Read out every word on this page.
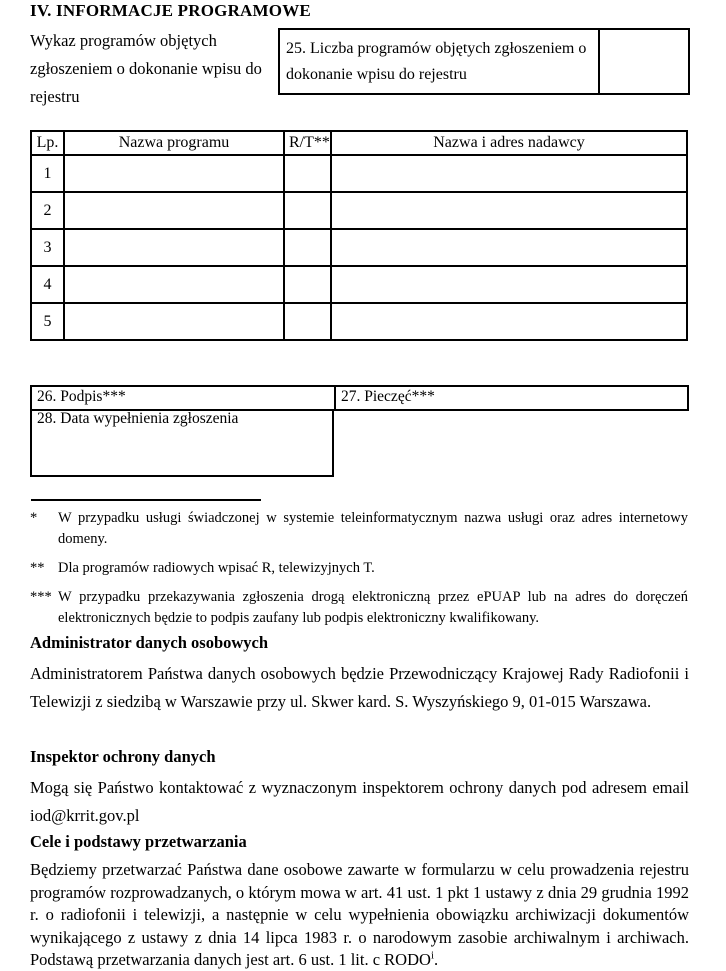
IV. INFORMACJE PROGRAMOWE
Wykaz programów objętych zgłoszeniem o dokonanie wpisu do rejestru
25. Liczba programów objętych zgłoszeniem o dokonanie wpisu do rejestru
Lp.	Nazwa programu	R/T**	Nazwa i adres nadawcy
1			
2			
3			
4			
5			
26. Podpis***	27. Pieczęć***
28. Data wypełnienia zgłoszenia
*	W przypadku usługi świadczonej w systemie teleinformatycznym nazwa usługi oraz adres internetowy domeny.
** Dla programów radiowych wpisać R, telewizyjnych T.
*** W przypadku przekazywania zgłoszenia drogą elektroniczną przez ePUAP lub na adres do doręczeń elektronicznych będzie to podpis zaufany lub podpis elektroniczny kwalifikowany.
Administrator danych osobowych

Administratorem Państwa danych osobowych będzie Przewodniczący Krajowej Rady Radiofonii i Telewizji z siedzibą w Warszawie przy ul. Skwer kard. S. Wyszyńskiego 9, 01-015 Warszawa.

Inspektor ochrony danych

Mogą się Państwo kontaktować z wyznaczonym inspektorem ochrony danych pod adresem email iod@krrit.gov.pl

Cele i podstawy przetwarzania

Będziemy przetwarzać Państwa dane osobowe zawarte w formularzu w celu prowadzenia rejestru programów rozprowadzanych, o którym mowa w art. 41 ust. 1 pkt 1 ustawy z dnia 29 grudnia 1992 r. o radiofonii i telewizji, a następnie w celu wypełnienia obowiązku archiwizacji dokumentów wynikającego z ustawy z dnia 14 lipca 1983 r. o narodowym zasobie archiwalnym i archiwach. Podstawą przetwarzania danych jest art. 6 ust. 1 lit. c RODO$^i$.
